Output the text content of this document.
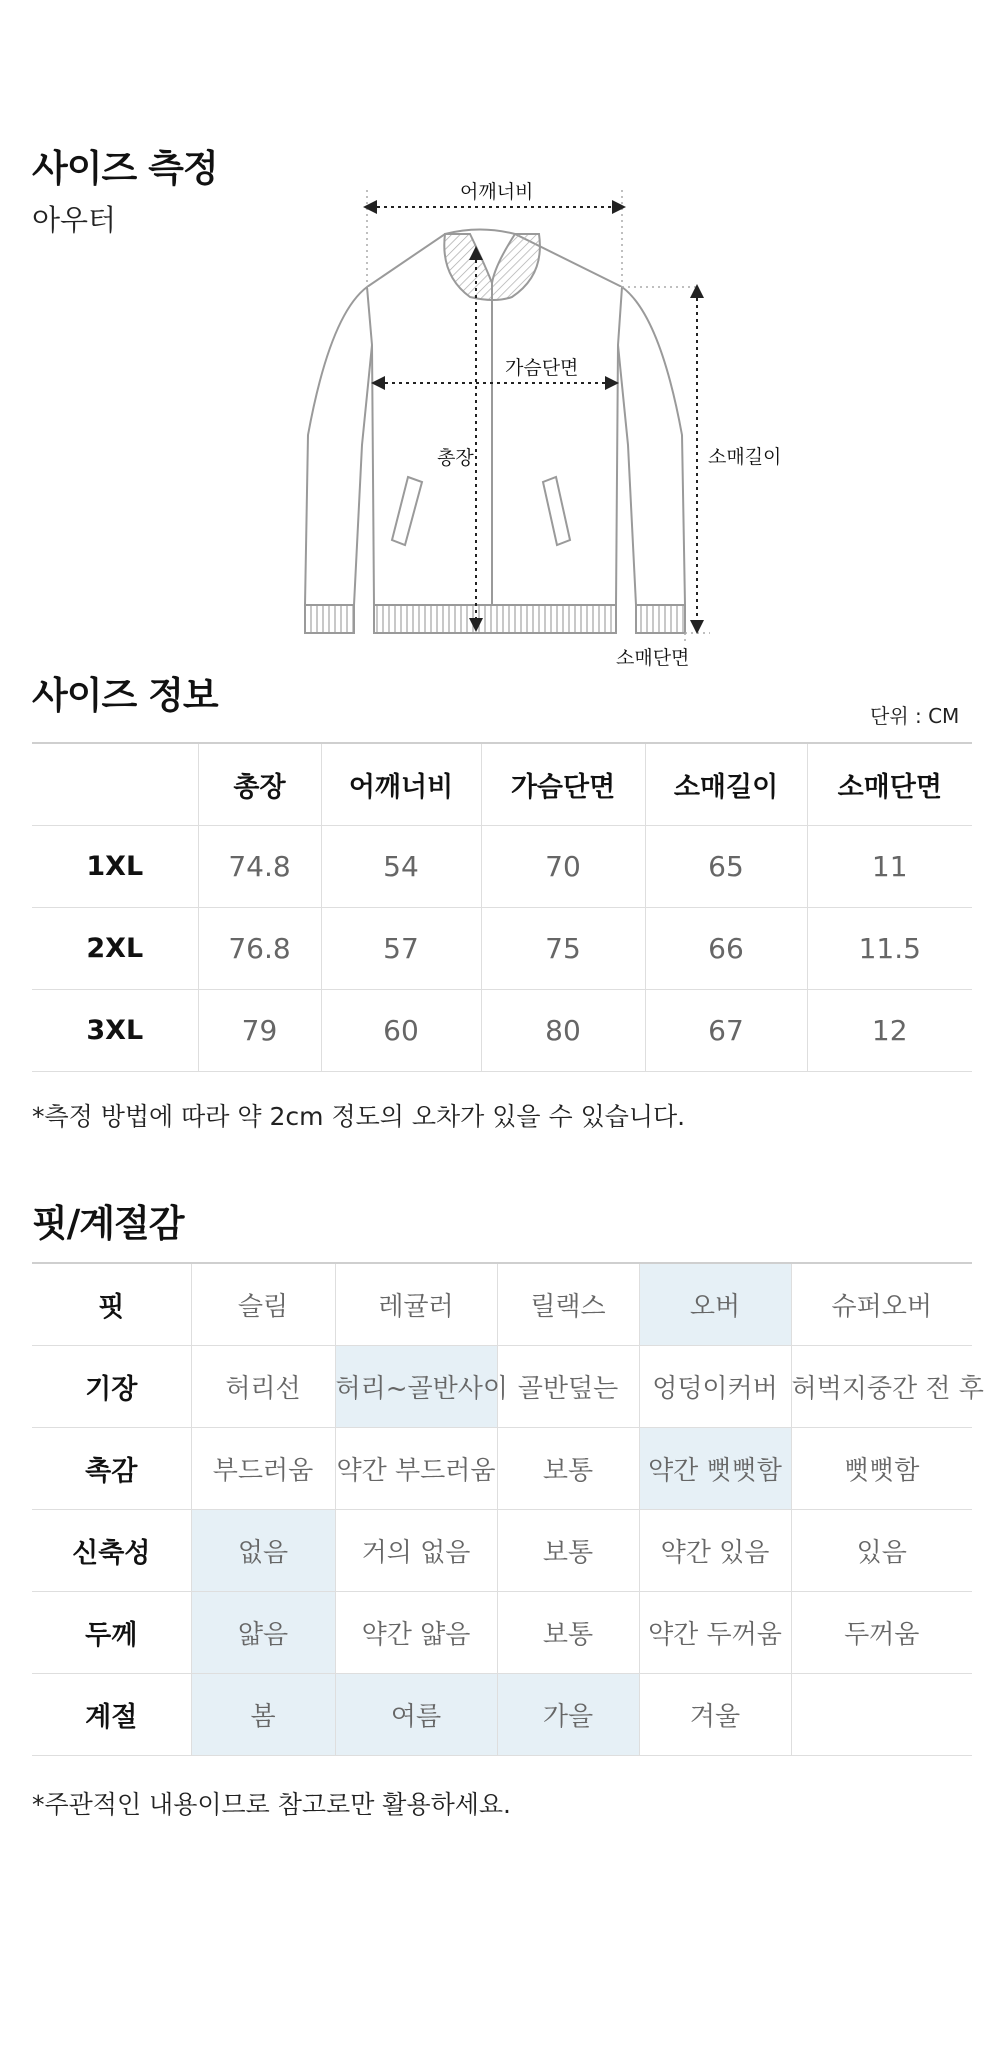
사이즈 측정
아우터
어깨너비
가슴단면
총장	소매길이
소매단면
사이즈 정보	단위 : CM
	총장	어깨너비	가슴단면	소매길이	소매단면
1XL	74.8	54	70	65	11
2XL	76.8	57	75	66	11.5
3XL	79	60	80	67	12
*측정 방법에 따라 약 2cm 정도의 오차가 있을 수 있습니다.
핏/계절감
핏	슬림	레귤러	릴랙스	오버	슈퍼오버
기장	허리선	허리~골반사이	골반덮는	엉덩이커버	허벅지중간 전 후
촉감	부드러움	약간 부드러움	보통	약간 뻣뻣함	뻣뻣함
신축성	없음	거의 없음	보통	약간 있음	있음
두께	얇음	약간 얇음	보통	약간 두꺼움	두꺼움
계절	봄	여름	가을	겨울	
*주관적인 내용이므로 참고로만 활용하세요.
